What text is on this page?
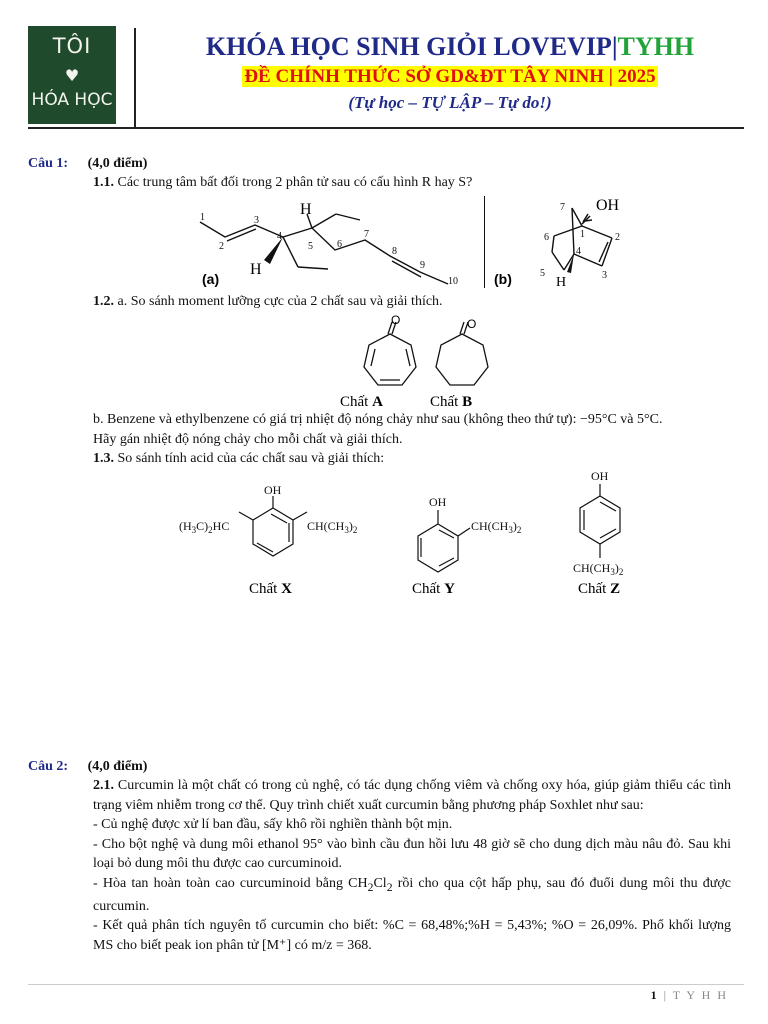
TÔI
♥
HÓA HỌC
KHÓA HỌC SINH GIỎI LOVEVIP|TYHH
ĐỀ CHÍNH THỨC SỞ GD&ĐT TÂY NINH | 2025
(Tự học – TỰ LẬP – Tự do!)
Câu 1: (4,0 điểm)
1.1. Các trung tâm bất đối trong 2 phân tử sau có cấu hình R hay S?
1
2
3
4
5 6
7
8
9
10
H
H
(a)	(b)
7
1	2
6
4
5	3
OH
H
1.2. a. So sánh moment lưỡng cực của 2 chất sau và giải thích.
O	O
Chất A	Chất B
b. Benzene và ethylbenzene có giá trị nhiệt độ nóng chảy như sau (không theo thứ tự): −95°C và 5°C.
Hãy gán nhiệt độ nóng chảy cho mỗi chất và giải thích.
1.3. So sánh tính acid của các chất sau và giải thích:
OH
$(H_3C)_2HC$	$CH(CH_3)_2$
OH
$CH(CH_3)_2$
OH
$CH(CH_3)_2$
Chất X	Chất Y	Chất Z
Câu 2: (4,0 điểm)
2.1. Curcumin là một chất có trong củ nghệ, có tác dụng chống viêm và chống oxy hóa, giúp giảm thiểu các tình trạng viêm nhiễm trong cơ thể. Quy trình chiết xuất curcumin bằng phương pháp Soxhlet như sau:
- Củ nghệ được xử lí ban đầu, sấy khô rồi nghiền thành bột mịn.
- Cho bột nghệ và dung môi ethanol 95° vào bình cầu đun hồi lưu 48 giờ sẽ cho dung dịch màu nâu đỏ. Sau khi loại bỏ dung môi thu được cao curcuminoid.
- Hòa tan hoàn toàn cao curcuminoid bằng $CH_2Cl_2$ rồi cho qua cột hấp phụ, sau đó đuổi dung môi thu được curcumin.
- Kết quả phân tích nguyên tố curcumin cho biết: %C = 68,48%;%H = 5,43%; %O = 26,09%. Phổ khối lượng MS cho biết peak ion phân tử [M⁺] có m/z = 368.
1 | T Y H H
